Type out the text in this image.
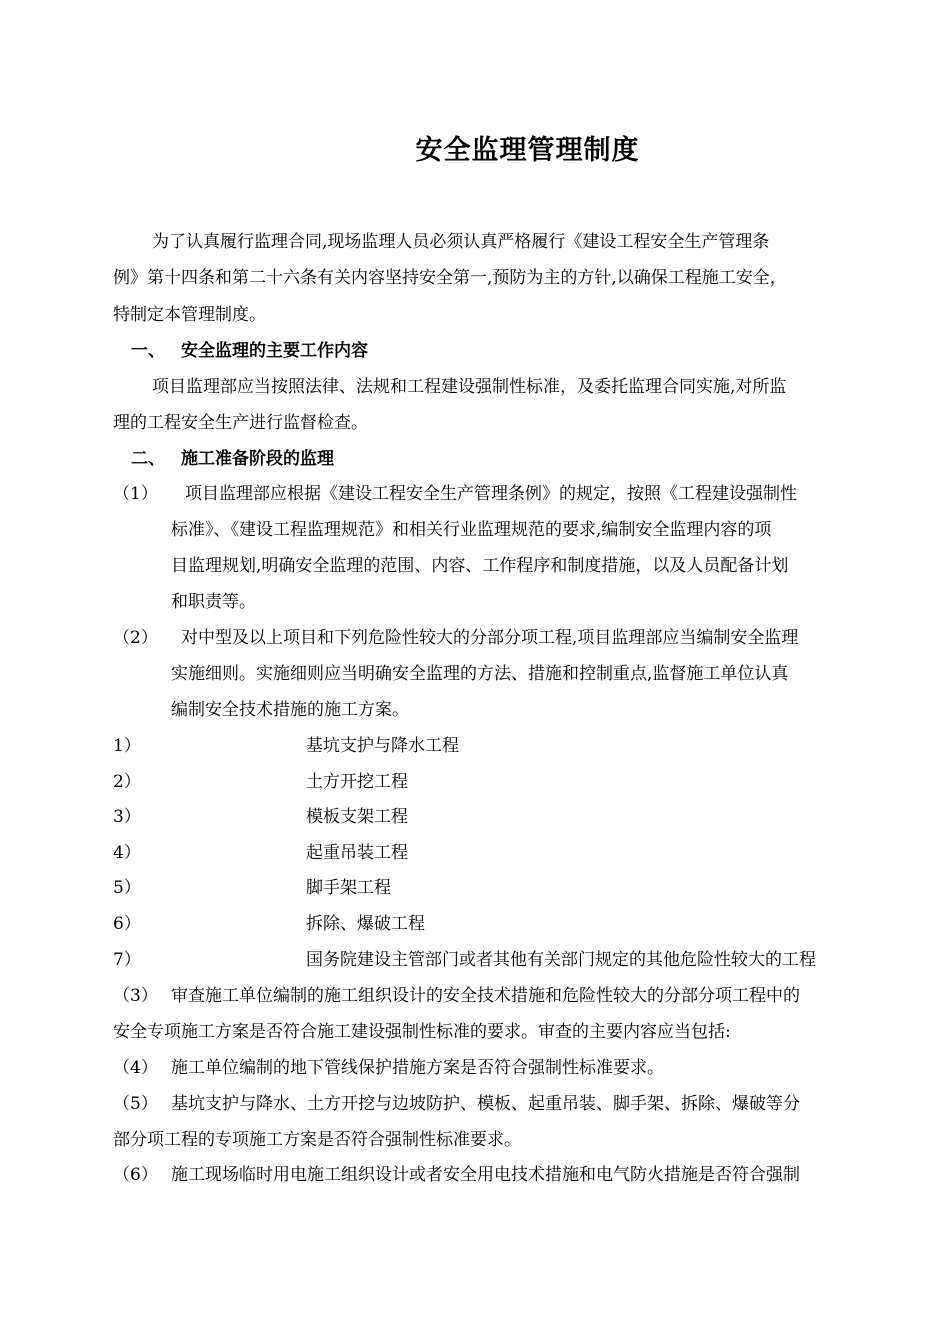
安全监理管理制度
为了认真履行监理合同,现场监理人员必须认真严格履行《建设工程安全生产管理条
例》第十四条和第二十六条有关内容坚持安全第一,预防为主的方针,以确保工程施工安全，
特制定本管理制度。
一、 安全监理的主要工作内容
项目监理部应当按照法律、法规和工程建设强制性标准，及委托监理合同实施,对所监
理的工程安全生产进行监督检查。
二、 施工准备阶段的监理
（1） 项目监理部应根据《建设工程安全生产管理条例》的规定，按照《工程建设强制性
标准》、《建设工程监理规范》和相关行业监理规范的要求,编制安全监理内容的项
目监理规划,明确安全监理的范围、内容、工作程序和制度措施，以及人员配备计划
和职责等。
（2） 对中型及以上项目和下列危险性较大的分部分项工程,项目监理部应当编制安全监理
实施细则。实施细则应当明确安全监理的方法、措施和控制重点,监督施工单位认真
编制安全技术措施的施工方案。
1）	基坑支护与降水工程
2）	土方开挖工程
3）	模板支架工程
4）	起重吊装工程
5）	脚手架工程
6）	拆除、爆破工程
7）	国务院建设主管部门或者其他有关部门规定的其他危险性较大的工程
（3） 审查施工单位编制的施工组织设计的安全技术措施和危险性较大的分部分项工程中的
安全专项施工方案是否符合施工建设强制性标准的要求。审查的主要内容应当包括:
（4） 施工单位编制的地下管线保护措施方案是否符合强制性标准要求。
（5） 基坑支护与降水、土方开挖与边坡防护、模板、起重吊装、脚手架、拆除、爆破等分
部分项工程的专项施工方案是否符合强制性标准要求。
（6） 施工现场临时用电施工组织设计或者安全用电技术措施和电气防火措施是否符合强制
